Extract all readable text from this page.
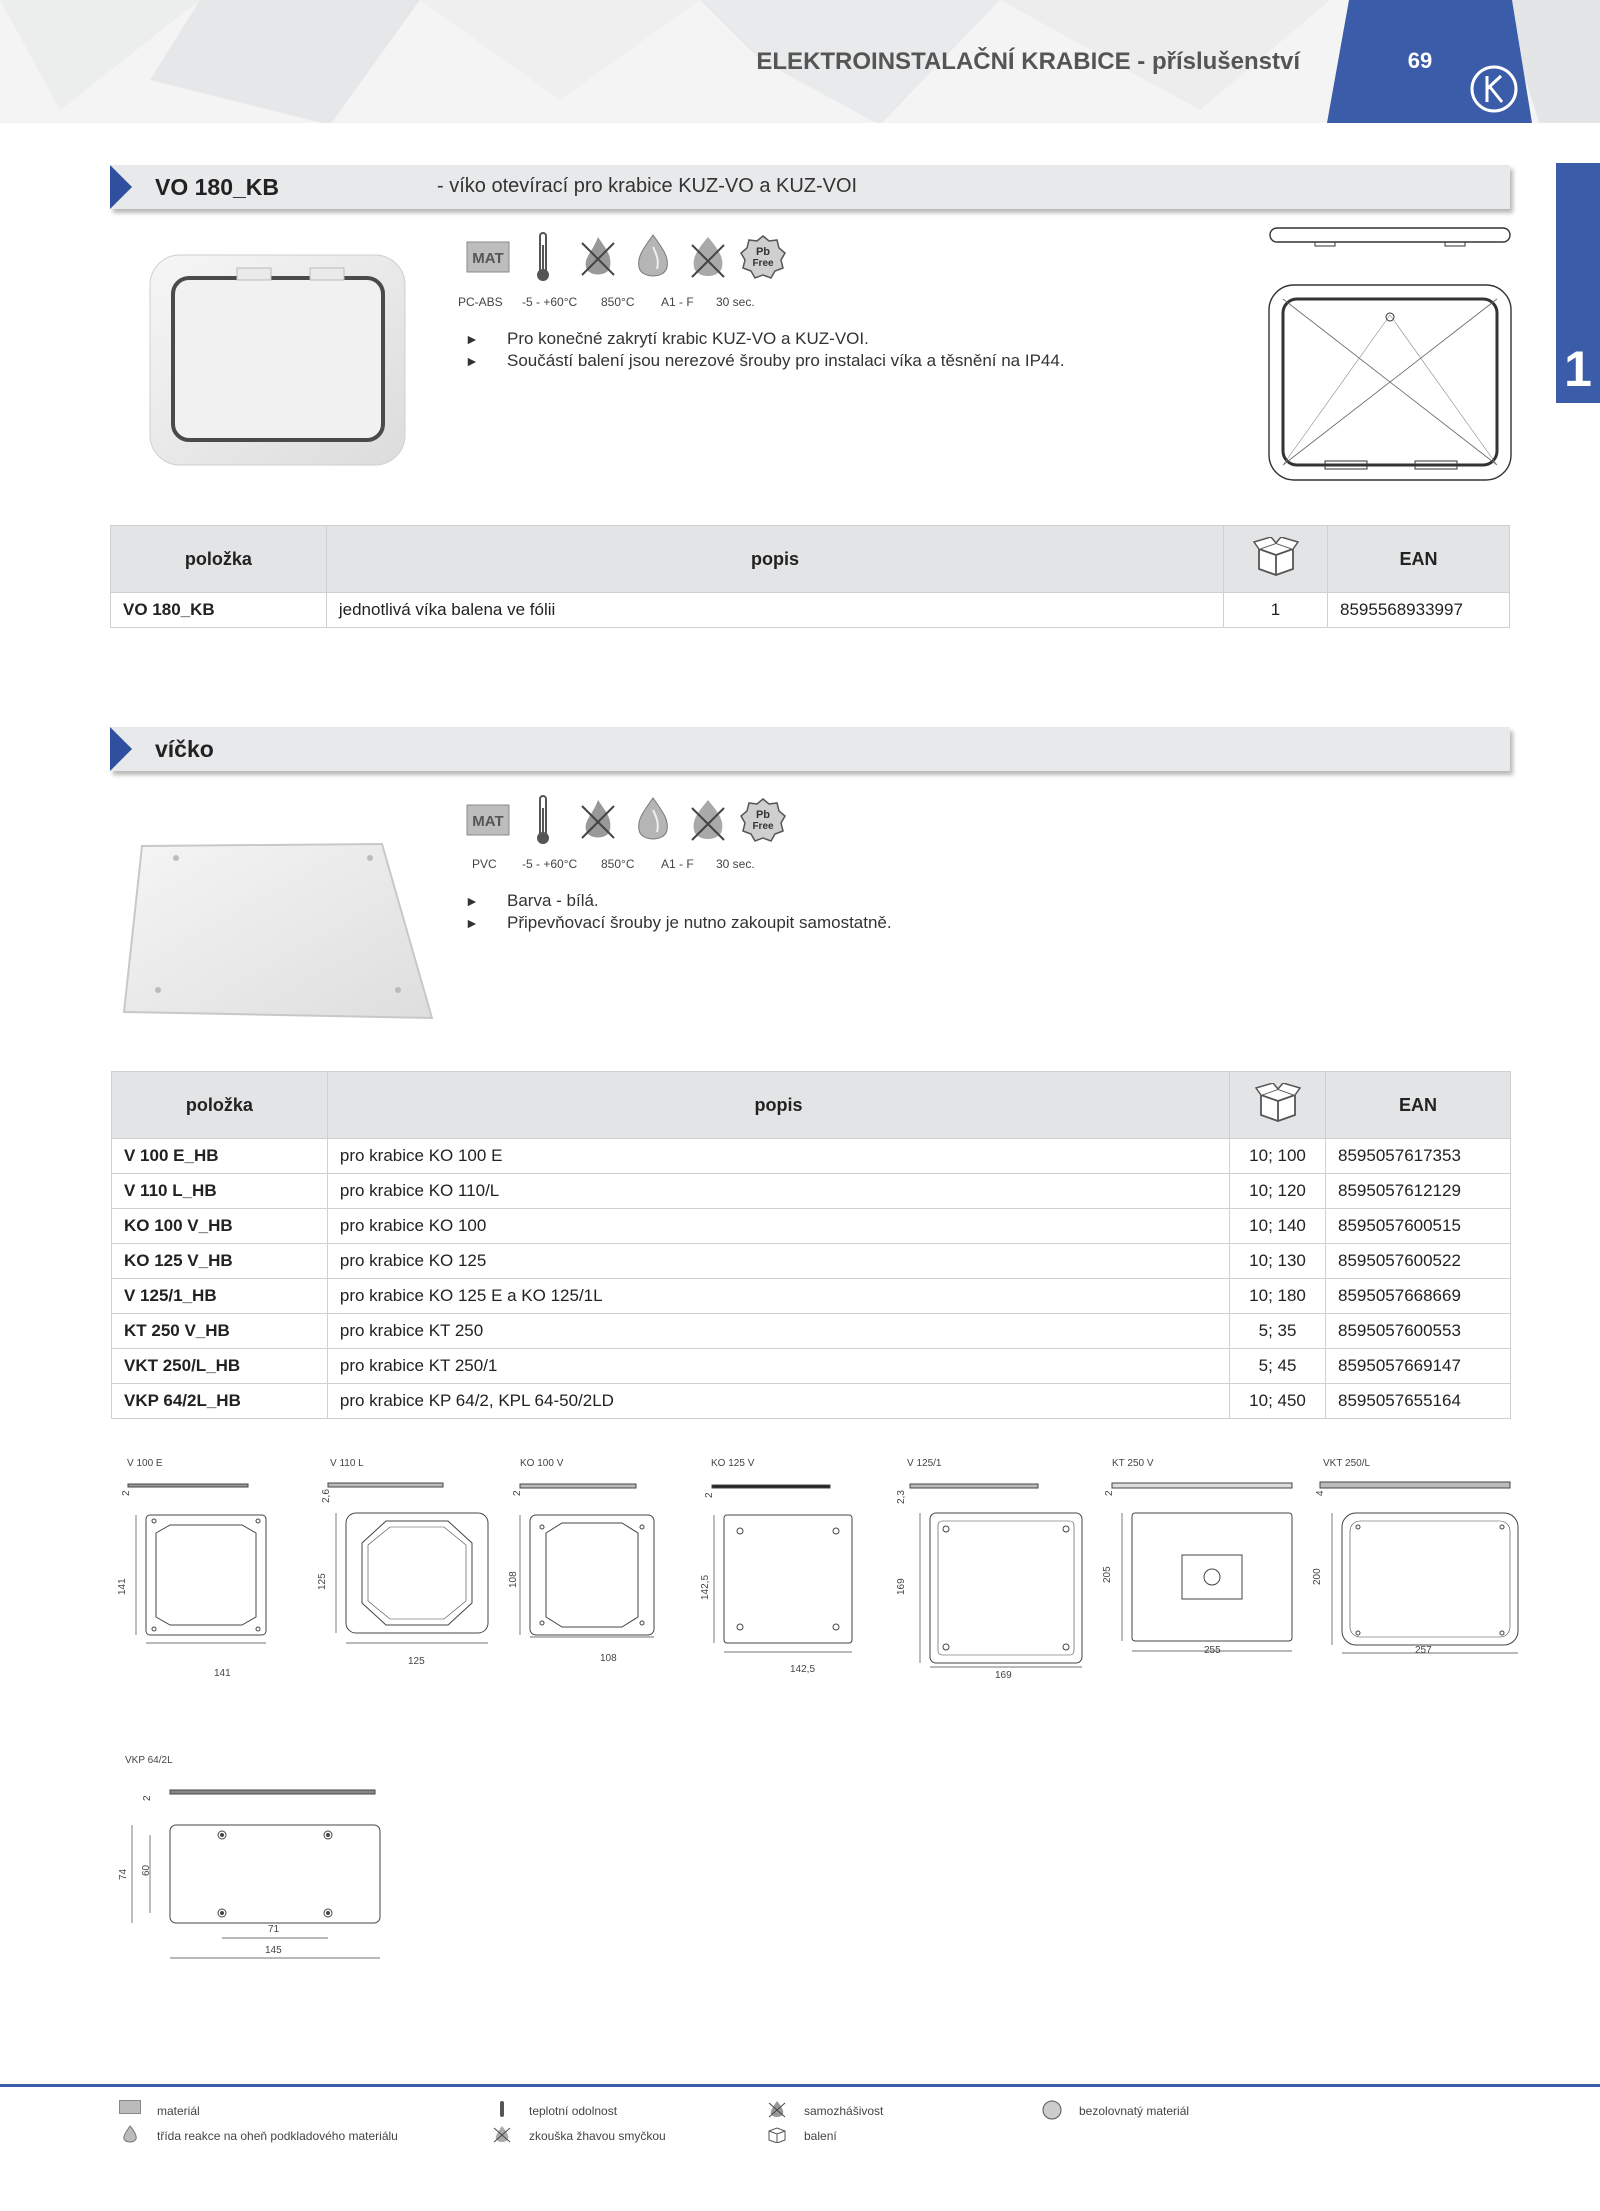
ELEKTROINSTALAČNÍ KRABICE - příslušenství	69
1
VO 180_KB	- víko otevírací pro krabice KUZ-VO a KUZ-VOI
MAT	Pb
Free
PC-ABS -5 - +60°C 850°C A1 - F 30 sec.
► Pro konečné zakrytí krabic KUZ-VO a KUZ-VOI.
► Součástí balení jsou nerezové šrouby pro instalaci víka a těsnění na IP44.
položka	popis		EAN
VO 180_KB	jednotlivá víka balena ve fólii	1	8595568933997
víčko
MAT	Pb
Free
PVC -5 - +60°C 850°C A1 - F 30 sec.
► Barva - bílá.
► Připevňovací šrouby je nutno zakoupit samostatně.
položka	popis		EAN
V 100 E_HB	pro krabice KO 100 E	10; 100	8595057617353
V 110 L_HB	pro krabice KO 110/L	10; 120	8595057612129
KO 100 V_HB	pro krabice KO 100	10; 140	8595057600515
KO 125 V_HB	pro krabice KO 125	10; 130	8595057600522
V 125/1_HB	pro krabice KO 125 E a KO 125/1L	10; 180	8595057668669
KT 250 V_HB	pro krabice KT 250	5; 35	8595057600553
VKT 250/L_HB	pro krabice KT 250/1	5; 45	8595057669147
VKP 64/2L_HB	pro krabice KP 64/2, KPL 64-50/2LD	10; 450	8595057655164
V 100 E	V 110 L	KO 100 V	KO 125 V	V 125/1	KT 250 V	VKT 250/L
2	2,6	2	2	2,3	2	4
141	125	108	142,5	169
205	200
141
125	108
142,5
169
255	257
VKP 64/2L
2
74 60
71
145
materiál	teplotní odolnost	samozhášivost	bezolovnatý materiál
třída reakce na oheň podkladového materiálu	zkouška žhavou smyčkou	balení
